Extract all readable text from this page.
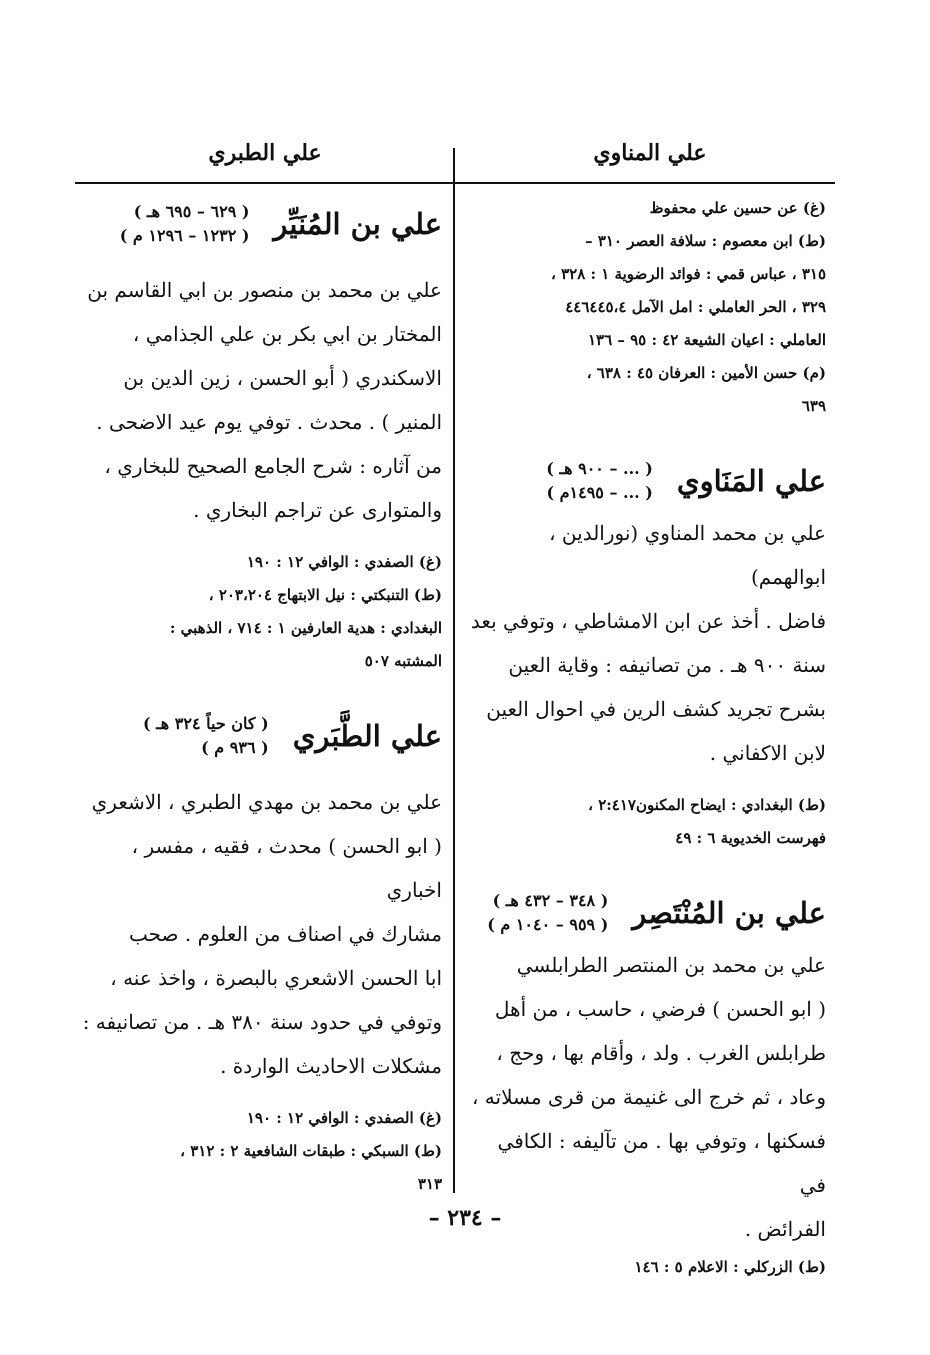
علي المناوي
علي الطبري

(غ) عن حسين علي محفوظ

(ط) ابن معصوم : سلافة العصر ٣١٠ –

٣١٥ ، عباس قمي : فوائد الرضوية ١ : ٣٢٨ ،

٣٢٩ ، الحر العاملي : امل الآمل ٤٤٦٤٤٥،٤

العاملي : اعيان الشيعة ٤٢ : ٩٥ – ١٣٦

(م) حسن الأمين : العرفان ٤٥ : ٦٣٨ ،

٦٣٩

علي المَنَاوي
( ... – ٩٠٠ هـ )
( ... – ١٤٩٥م )

علي بن محمد المناوي (نورالدين ، ابوالهمم)

فاضل . أخذ عن ابن الامشاطي ، وتوفي بعد

سنة ٩٠٠ هـ . من تصانيفه : وقاية العين

بشرح تجريد كشف الرين في احوال العين

لابن الاكفاني .

(ط) البغدادي : ايضاح المكنون٢:٤١٧ ،

فهرست الخديوية ٦ : ٤٩

علي بن المُنْتَصِر
( ٣٤٨ – ٤٣٢ هـ )
( ٩٥٩ – ١٠٤٠ م )

علي بن محمد بن المنتصر الطرابلسي

( ابو الحسن ) فرضي ، حاسب ، من أهل

طرابلس الغرب . ولد ، وأقام بها ، وحج ،

وعاد ، ثم خرج الى غنيمة من قرى مسلاته ،

فسكنها ، وتوفي بها . من تآليفه : الكافي في

الفرائض .

(ط) الزركلي : الاعلام ٥ : ١٤٦

علي بن المُنَيِّر
( ٦٢٩ – ٦٩٥ هـ )
( ١٢٣٢ – ١٢٩٦ م )

علي بن محمد بن منصور بن ابي القاسم بن

المختار بن ابي بكر بن علي الجذامي ،

الاسكندري ( أبو الحسن ، زين الدين بن

المنير ) . محدث . توفي يوم عيد الاضحى .

من آثاره : شرح الجامع الصحيح للبخاري ،

والمتوارى عن تراجم البخاري .

(غ) الصفدي : الوافي ١٢ : ١٩٠

(ط) التنبكتي : نيل الابتهاج ٢٠٣،٢٠٤ ،

البغدادي : هدية العارفين ١ : ٧١٤ ، الذهبي :

المشتبه ٥٠٧

علي الطَّبَري
( كان حياً ٣٢٤ هـ )
( ٩٣٦ م )

علي بن محمد بن مهدي الطبري ، الاشعري

( ابو الحسن ) محدث ، فقيه ، مفسر ، اخباري

مشارك في اصناف من العلوم . صحب

ابا الحسن الاشعري بالبصرة ، واخذ عنه ،

وتوفي في حدود سنة ٣٨٠ هـ . من تصانيفه :

مشكلات الاحاديث الواردة .

(غ) الصفدي : الوافي ١٢ : ١٩٠

(ط) السبكي : طبقات الشافعية ٢ : ٣١٢ ،

٣١٣

– ٢٣٤ –
